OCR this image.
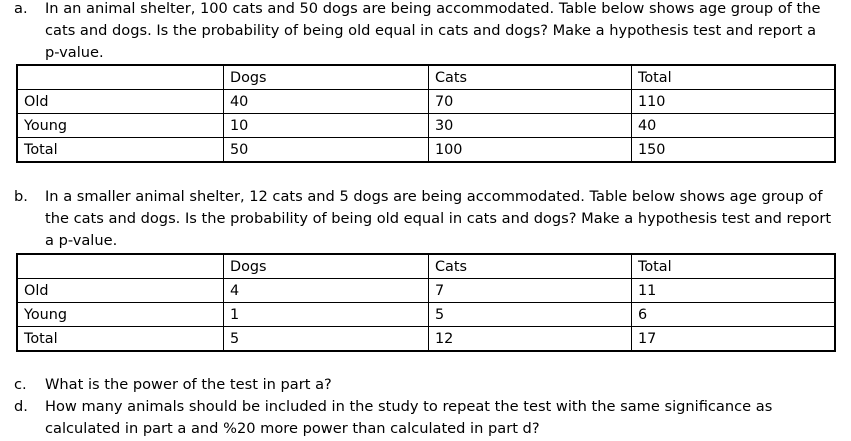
a. In an animal shelter, 100 cats and 50 dogs are being accommodated. Table below shows age group of the
cats and dogs. Is the probability of being old equal in cats and dogs? Make a hypothesis test and report a
p-value.
	Dogs	Cats	Total
Old	40	70	110
Young	10	30	40
Total	50	100	150
b. In a smaller animal shelter, 12 cats and 5 dogs are being accommodated. Table below shows age group of
the cats and dogs. Is the probability of being old equal in cats and dogs? Make a hypothesis test and report
a p-value.
	Dogs	Cats	Total
Old	4	7	11
Young	1	5	6
Total	5	12	17
c. What is the power of the test in part a?
d. How many animals should be included in the study to repeat the test with the same significance as
calculated in part a and %20 more power than calculated in part d?
